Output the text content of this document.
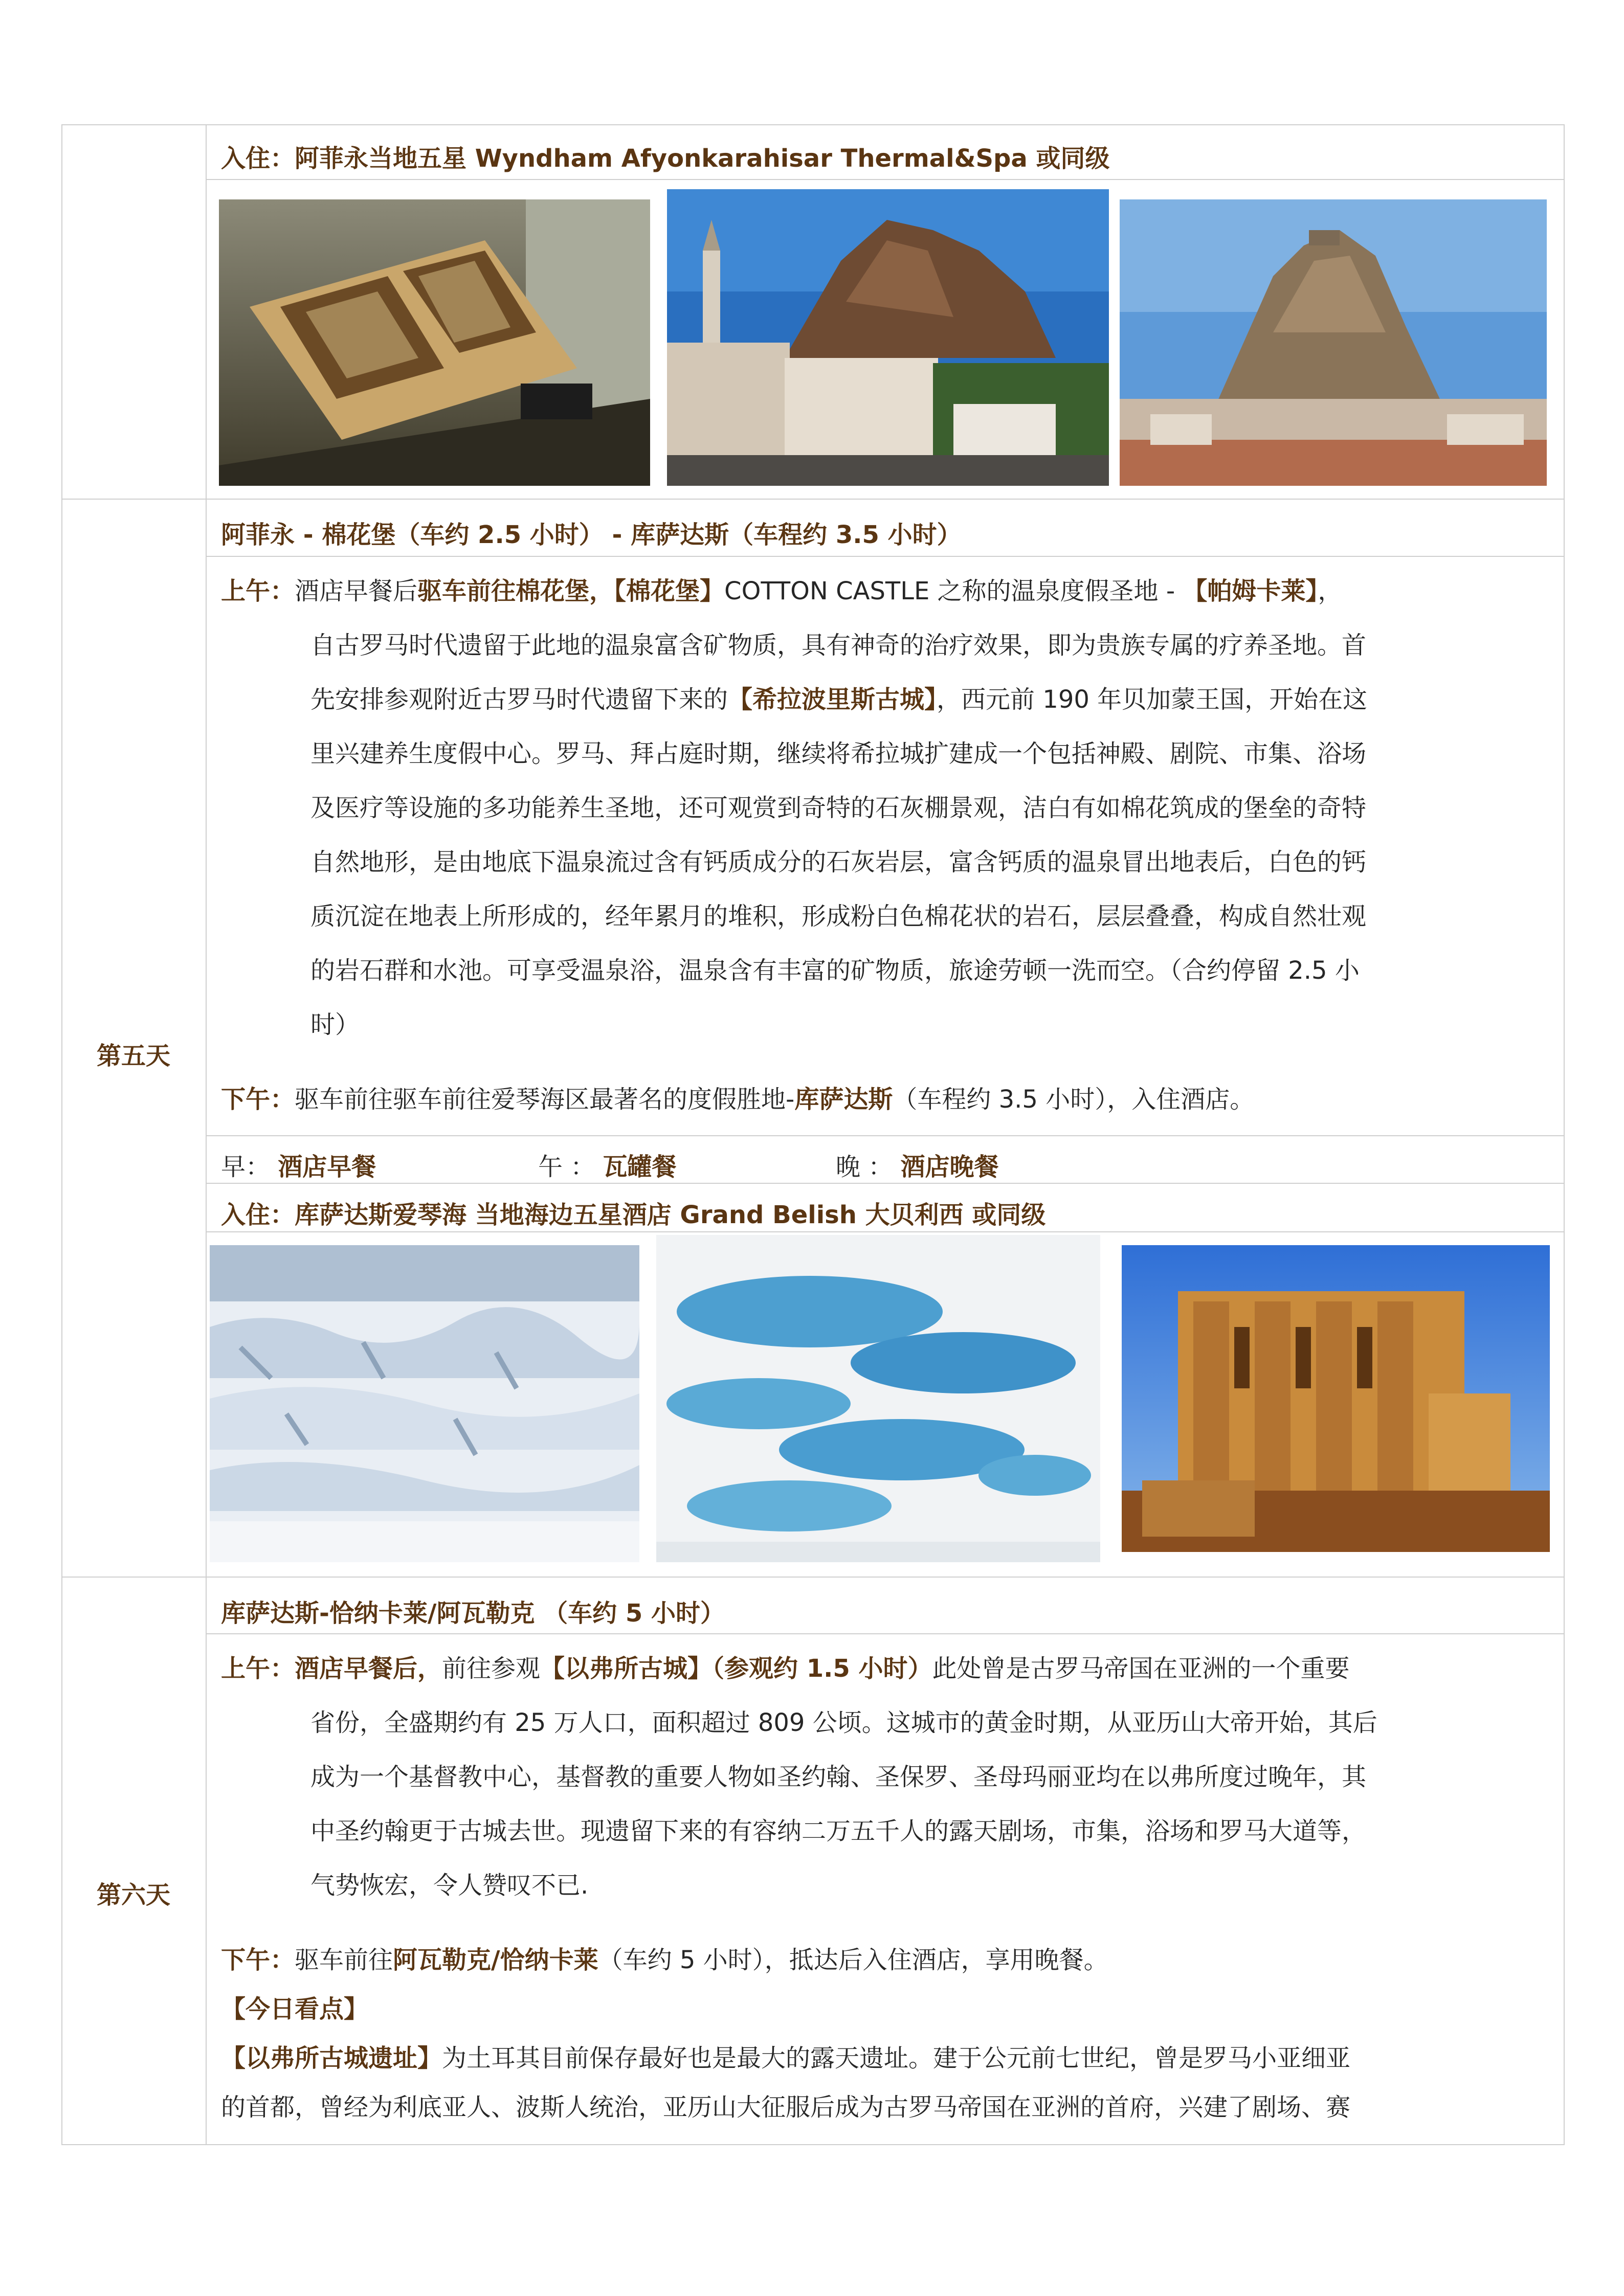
入住：阿菲永当地五星 Wyndham Afyonkarahisar Thermal&Spa 或同级
第五天
阿菲永 - 棉花堡（车约 2.5 小时） - 库萨达斯（车程约 3.5 小时）
上午：酒店早餐后驱车前往棉花堡，【棉花堡】COTTON CASTLE 之称的温泉度假圣地 - 【帕姆卡莱】，
自古罗马时代遗留于此地的温泉富含矿物质，具有神奇的治疗效果，即为贵族专属的疗养圣地。首
先安排参观附近古罗马时代遗留下来的【希拉波里斯古城】，西元前 190 年贝加蒙王国，开始在这
里兴建养生度假中心。罗马、拜占庭时期，继续将希拉城扩建成一个包括神殿、剧院、市集、浴场
及医疗等设施的多功能养生圣地，还可观赏到奇特的石灰棚景观，洁白有如棉花筑成的堡垒的奇特
自然地形，是由地底下温泉流过含有钙质成分的石灰岩层，富含钙质的温泉冒出地表后，白色的钙
质沉淀在地表上所形成的，经年累月的堆积，形成粉白色棉花状的岩石，层层叠叠，构成自然壮观
的岩石群和水池。可享受温泉浴，温泉含有丰富的矿物质，旅途劳顿一洗而空。（合约停留 2.5 小
时）
下午：驱车前往驱车前往爱琴海区最著名的度假胜地-库萨达斯（车程约 3.5 小时），入住酒店。
早： 酒店早餐	午 ： 瓦罐餐	晚 ： 酒店晚餐
入住：库萨达斯爱琴海 当地海边五星酒店 Grand Belish 大贝利西 或同级
第六天
库萨达斯-恰纳卡莱/阿瓦勒克 （车约 5 小时）
上午：酒店早餐后，前往参观【以弗所古城】（参观约 1.5 小时）此处曾是古罗马帝国在亚洲的一个重要
省份，全盛期约有 25 万人口，面积超过 809 公顷。这城市的黄金时期，从亚历山大帝开始，其后
成为一个基督教中心，基督教的重要人物如圣约翰、圣保罗、圣母玛丽亚均在以弗所度过晚年，其
中圣约翰更于古城去世。现遗留下来的有容纳二万五千人的露天剧场，市集，浴场和罗马大道等，
气势恢宏，令人赞叹不已.
下午：驱车前往阿瓦勒克/恰纳卡莱（车约 5 小时），抵达后入住酒店，享用晚餐。
【今日看点】
【以弗所古城遗址】为土耳其目前保存最好也是最大的露天遗址。建于公元前七世纪，曾是罗马小亚细亚
的首都，曾经为利底亚人、波斯人统治，亚历山大征服后成为古罗马帝国在亚洲的首府，兴建了剧场、赛
